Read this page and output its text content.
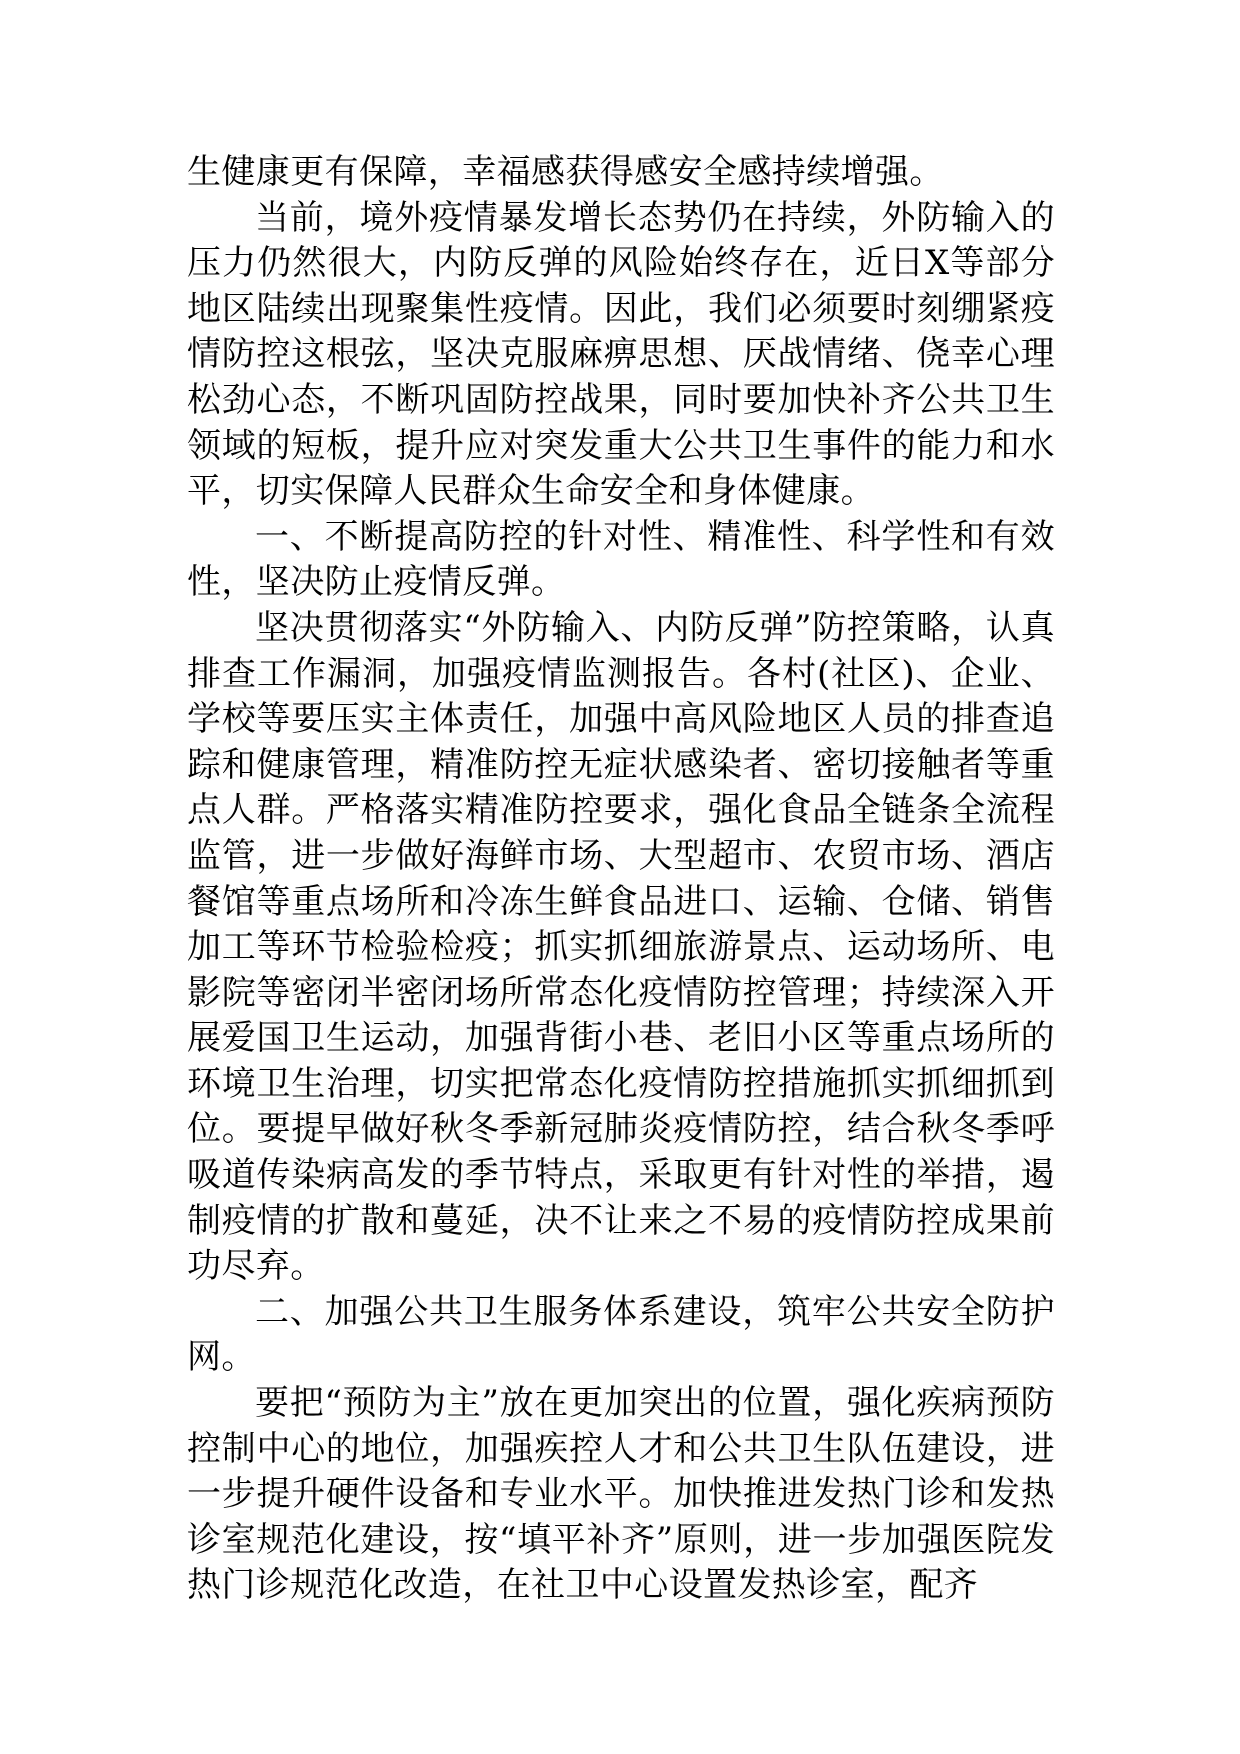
生健康更有保障，幸福感获得感安全感持续增强。

当前，境外疫情暴发增长态势仍在持续，外防输入的压力仍然很大，内防反弹的风险始终存在，近日X等部分地区陆续出现聚集性疫情。因此，我们必须要时刻绷紧疫情防控这根弦，坚决克服麻痹思想、厌战情绪、侥幸心理松劲心态，不断巩固防控战果，同时要加快补齐公共卫生领域的短板，提升应对突发重大公共卫生事件的能力和水平，切实保障人民群众生命安全和身体健康。

一、不断提高防控的针对性、精准性、科学性和有效性，坚决防止疫情反弹。

坚决贯彻落实“外防输入、内防反弹”防控策略，认真排查工作漏洞，加强疫情监测报告。各村(社区)、企业、学校等要压实主体责任，加强中高风险地区人员的排查追踪和健康管理，精准防控无症状感染者、密切接触者等重点人群。严格落实精准防控要求，强化食品全链条全流程监管，进一步做好海鲜市场、大型超市、农贸市场、酒店餐馆等重点场所和冷冻生鲜食品进口、运输、仓储、销售加工等环节检验检疫；抓实抓细旅游景点、运动场所、电影院等密闭半密闭场所常态化疫情防控管理；持续深入开展爱国卫生运动，加强背街小巷、老旧小区等重点场所的环境卫生治理，切实把常态化疫情防控措施抓实抓细抓到位。要提早做好秋冬季新冠肺炎疫情防控，结合秋冬季呼吸道传染病高发的季节特点，采取更有针对性的举措，遏制疫情的扩散和蔓延，决不让来之不易的疫情防控成果前功尽弃。

二、加强公共卫生服务体系建设，筑牢公共安全防护网。

要把“预防为主”放在更加突出的位置，强化疾病预防控制中心的地位，加强疾控人才和公共卫生队伍建设，进一步提升硬件设备和专业水平。加快推进发热门诊和发热诊室规范化建设，按“填平补齐”原则，进一步加强医院发热门诊规范化改造，在社卫中心设置发热诊室，配齐
